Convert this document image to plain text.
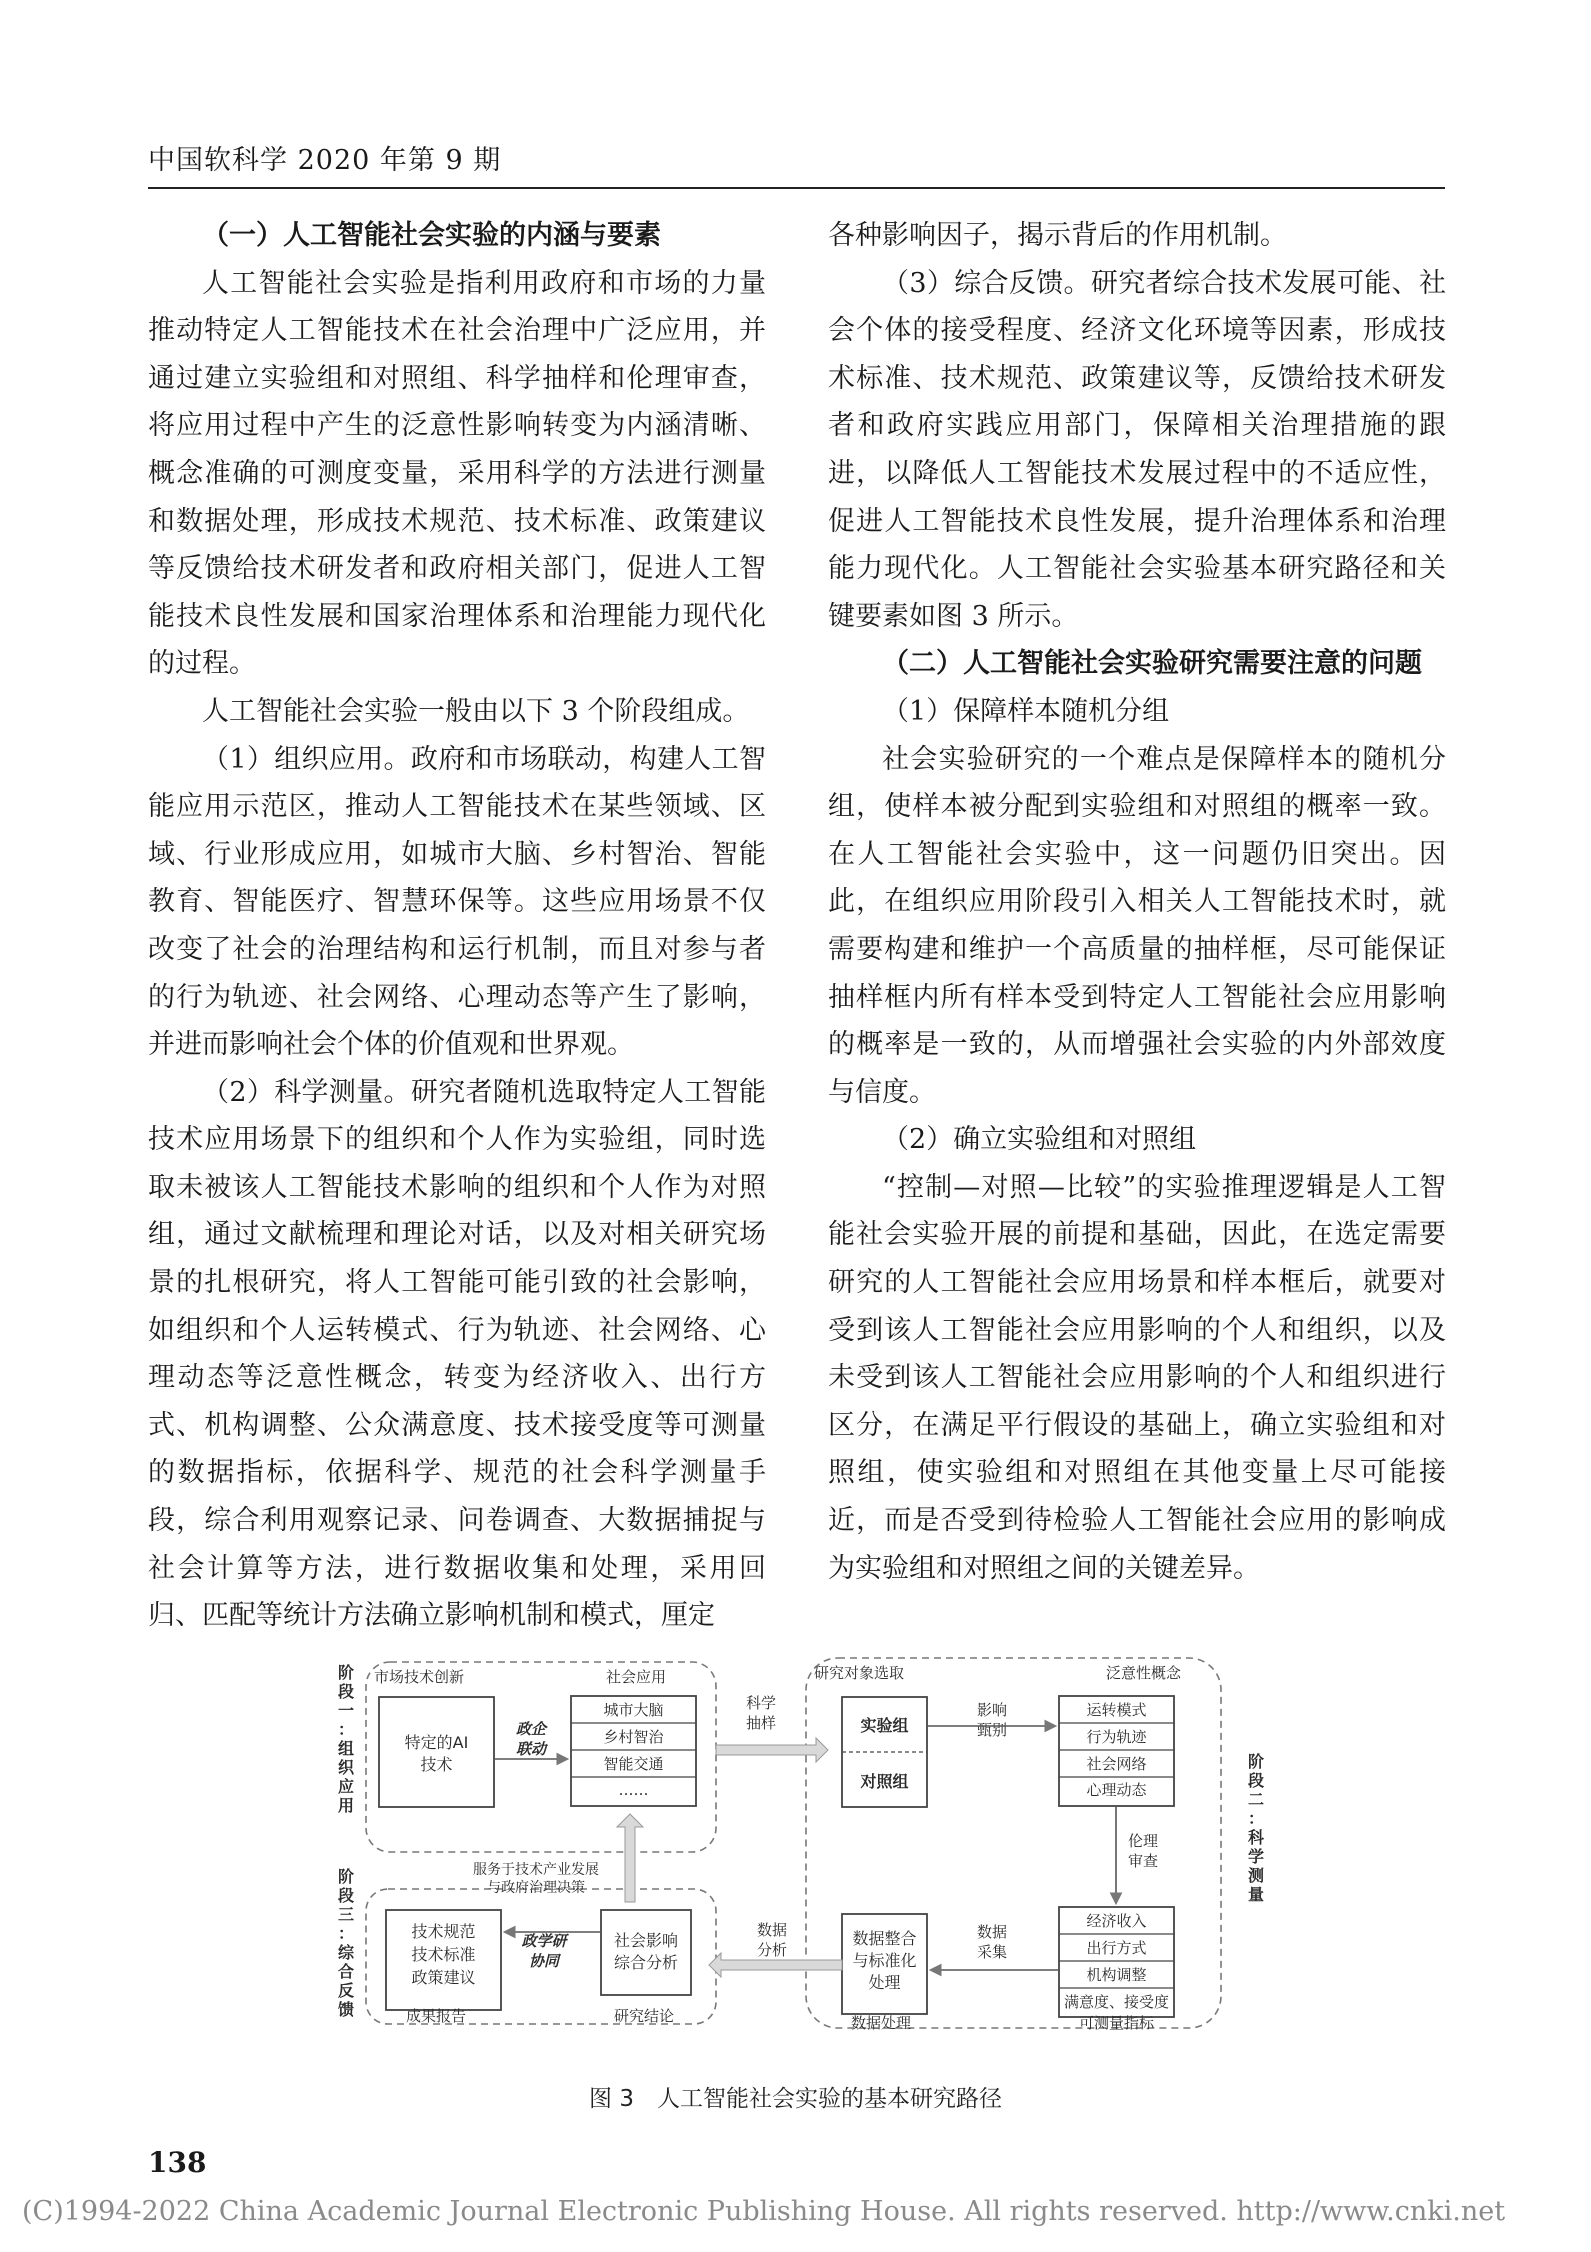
中国软科学 2020 年第 9 期
（一）人工智能社会实验的内涵与要素

人工智能社会实验是指利用政府和市场的力量推动特定人工智能技术在社会治理中广泛应用，并通过建立实验组和对照组、科学抽样和伦理审查，将应用过程中产生的泛意性影响转变为内涵清晰、概念准确的可测度变量，采用科学的方法进行测量和数据处理，形成技术规范、技术标准、政策建议等反馈给技术研发者和政府相关部门，促进人工智能技术良性发展和国家治理体系和治理能力现代化的过程。

人工智能社会实验一般由以下 3 个阶段组成。

（1）组织应用。政府和市场联动，构建人工智能应用示范区，推动人工智能技术在某些领域、区域、行业形成应用，如城市大脑、乡村智治、智能教育、智能医疗、智慧环保等。这些应用场景不仅改变了社会的治理结构和运行机制，而且对参与者的行为轨迹、社会网络、心理动态等产生了影响，并进而影响社会个体的价值观和世界观。

（2）科学测量。研究者随机选取特定人工智能技术应用场景下的组织和个人作为实验组，同时选取未被该人工智能技术影响的组织和个人作为对照组，通过文献梳理和理论对话，以及对相关研究场景的扎根研究，将人工智能可能引致的社会影响，如组织和个人运转模式、行为轨迹、社会网络、心理动态等泛意性概念，转变为经济收入、出行方式、机构调整、公众满意度、技术接受度等可测量的数据指标，依据科学、规范的社会科学测量手段，综合利用观察记录、问卷调查、大数据捕捉与社会计算等方法，进行数据收集和处理，采用回归、匹配等统计方法确立影响机制和模式，厘定

各种影响因子，揭示背后的作用机制。

（3）综合反馈。研究者综合技术发展可能、社会个体的接受程度、经济文化环境等因素，形成技术标准、技术规范、政策建议等，反馈给技术研发者和政府实践应用部门，保障相关治理措施的跟进，以降低人工智能技术发展过程中的不适应性，促进人工智能技术良性发展，提升治理体系和治理能力现代化。人工智能社会实验基本研究路径和关键要素如图 3 所示。

（二）人工智能社会实验研究需要注意的问题

（1）保障样本随机分组

社会实验研究的一个难点是保障样本的随机分组，使样本被分配到实验组和对照组的概率一致。在人工智能社会实验中，这一问题仍旧突出。因此，在组织应用阶段引入相关人工智能技术时，就需要构建和维护一个高质量的抽样框，尽可能保证抽样框内所有样本受到特定人工智能社会应用影响的概率是一致的，从而增强社会实验的内外部效度与信度。

（2）确立实验组和对照组

“控制—对照—比较”的实验推理逻辑是人工智能社会实验开展的前提和基础，因此，在选定需要研究的人工智能社会应用场景和样本框后，就要对受到该人工智能社会应用影响的个人和组织，以及未受到该人工智能社会应用影响的个人和组织进行区分，在满足平行假设的基础上，确立实验组和对照组，使实验组和对照组在其他变量上尽可能接近，而是否受到待检验人工智能社会应用的影响成为实验组和对照组之间的关键差异。

阶段一：组织应用
阶段二：科学测量
阶段三：综合反馈
市场技术创新	社会应用
特定的AI
技术
政企
联动
城市大脑
乡村智治
智能交通
……
科学
抽样
研究对象选取	泛意性概念
实验组
对照组
影响
甄别
运转模式
行为轨迹
社会网络
心理动态
伦理
审查
经济收入
出行方式
机构调整
满意度、接受度
数据
采集
数据整合
与标准化
处理
数据
分析
社会影响
综合分析
政学研
协同
技术规范
技术标准
政策建议
服务于技术产业发展
与政府治理决策
成果报告	研究结论	数据处理	可测量指标
图 3　人工智能社会实验的基本研究路径
138
(C)1994-2022 China Academic Journal Electronic Publishing House. All rights reserved. http://www.cnki.net
